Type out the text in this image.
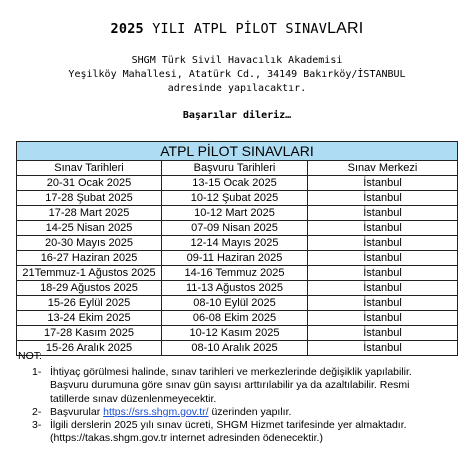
2025 YILI ATPL PİLOT SINAVLARI
SHGM Türk Sivil Havacılık Akademisi
Yeşilköy Mahallesi, Atatürk Cd., 34149 Bakırköy/İSTANBUL
adresinde yapılacaktır.
Başarılar dileriz…
ATPL PİLOT SINAVLARI		
Sınav Tarihleri	Başvuru Tarihleri	Sınav Merkezi
20-31 Ocak 2025	13-15 Ocak 2025	İstanbul
17-28 Şubat 2025	10-12 Şubat 2025	İstanbul
17-28 Mart 2025	10-12 Mart 2025	İstanbul
14-25 Nisan 2025	07-09 Nisan 2025	İstanbul
20-30 Mayıs 2025	12-14 Mayıs 2025	İstanbul
16-27 Haziran 2025	09-11 Haziran 2025	İstanbul
21Temmuz-1 Ağustos 2025	14-16 Temmuz 2025	İstanbul
18-29 Ağustos 2025	11-13 Ağustos 2025	İstanbul
15-26 Eylül 2025	08-10 Eylül 2025	İstanbul
13-24 Ekim 2025	06-08 Ekim 2025	İstanbul
17-28 Kasım 2025	10-12 Kasım 2025	İstanbul
15-26 Aralık 2025	08-10 Aralık 2025	İstanbul
NOT:
1- İhtiyaç görülmesi halinde, sınav tarihleri ve merkezlerinde değişiklik yapılabilir.
Başvuru durumuna göre sınav gün sayısı arttırılabilir ya da azaltılabilir. Resmi
tatillerde sınav düzenlenmeyecektir.
2- Başvurular https://srs.shgm.gov.tr/ üzerinden yapılır.
3- İlgili derslerin 2025 yılı sınav ücreti, SHGM Hizmet tarifesinde yer almaktadır.
(https://takas.shgm.gov.tr internet adresinden ödenecektir.)
